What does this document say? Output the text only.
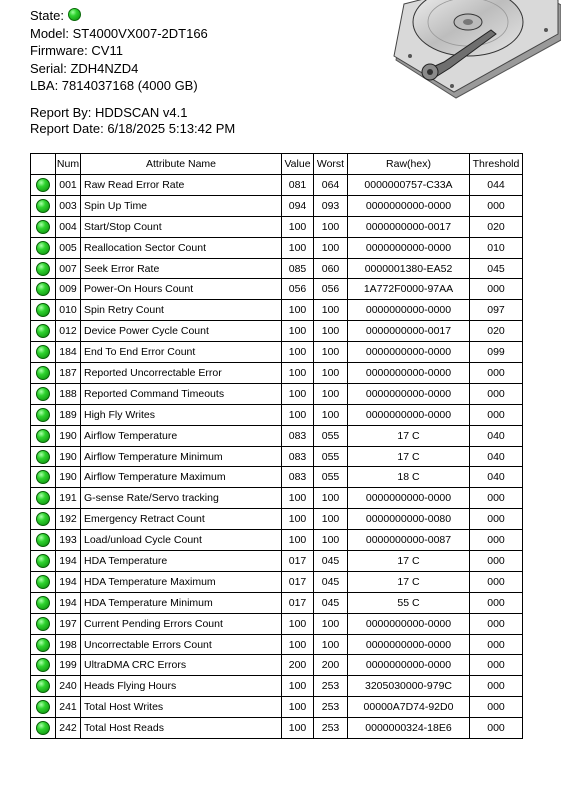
State:
Model: ST4000VX007-2DT166
Firmware: CV11
Serial: ZDH4NZD4
LBA: 7814037168 (4000 GB)
Report By: HDDSCAN v4.1
Report Date: 6/18/2025 5:13:42 PM
	Num	Attribute Name	Value	Worst	Raw(hex)	Threshold

	001	Raw Read Error Rate	081	064	0000000757-C33A	044

	003	Spin Up Time	094	093	0000000000-0000	000

	004	Start/Stop Count	100	100	0000000000-0017	020

	005	Reallocation Sector Count	100	100	0000000000-0000	010

	007	Seek Error Rate	085	060	0000001380-EA52	045

	009	Power-On Hours Count	056	056	1A772F0000-97AA	000

	010	Spin Retry Count	100	100	0000000000-0000	097

	012	Device Power Cycle Count	100	100	0000000000-0017	020

	184	End To End Error Count	100	100	0000000000-0000	099

	187	Reported Uncorrectable Error	100	100	0000000000-0000	000

	188	Reported Command Timeouts	100	100	0000000000-0000	000

	189	High Fly Writes	100	100	0000000000-0000	000

	190	Airflow Temperature	083	055	17 C	040

	190	Airflow Temperature Minimum	083	055	17 C	040

	190	Airflow Temperature Maximum	083	055	18 C	040

	191	G-sense Rate/Servo tracking	100	100	0000000000-0000	000

	192	Emergency Retract Count	100	100	0000000000-0080	000

	193	Load/unload Cycle Count	100	100	0000000000-0087	000

	194	HDA Temperature	017	045	17 C	000

	194	HDA Temperature Maximum	017	045	17 C	000

	194	HDA Temperature Minimum	017	045	55 C	000

	197	Current Pending Errors Count	100	100	0000000000-0000	000

	198	Uncorrectable Errors Count	100	100	0000000000-0000	000

	199	UltraDMA CRC Errors	200	200	0000000000-0000	000

	240	Heads Flying Hours	100	253	3205030000-979C	000

	241	Total Host Writes	100	253	00000A7D74-92D0	000

	242	Total Host Reads	100	253	0000000324-18E6	000
